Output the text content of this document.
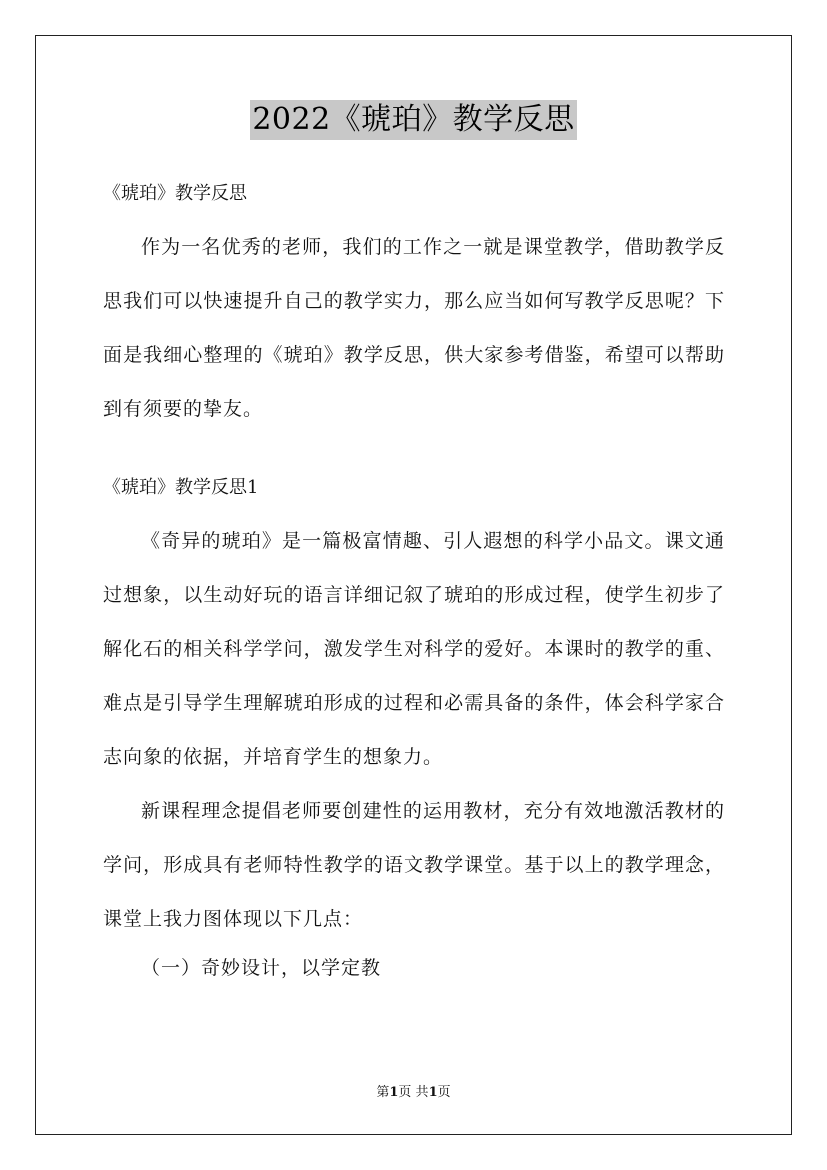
2022《琥珀》教学反思

《琥珀》教学反思

作为一名优秀的老师，我们的工作之一就是课堂教学，借助教学反思我们可以快速提升自己的教学实力，那么应当如何写教学反思呢？下面是我细心整理的《琥珀》教学反思，供大家参考借鉴，希望可以帮助到有须要的挚友。

《琥珀》教学反思1

《奇异的琥珀》是一篇极富情趣、引人遐想的科学小品文。课文通过想象，以生动好玩的语言详细记叙了琥珀的形成过程，使学生初步了解化石的相关科学学问，激发学生对科学的爱好。本课时的教学的重、难点是引导学生理解琥珀形成的过程和必需具备的条件，体会科学家合志向象的依据，并培育学生的想象力。

新课程理念提倡老师要创建性的运用教材，充分有效地激活教材的学问，形成具有老师特性教学的语文教学课堂。基于以上的教学理念，课堂上我力图体现以下几点：

（一）奇妙设计，以学定教

第1页 共1页
